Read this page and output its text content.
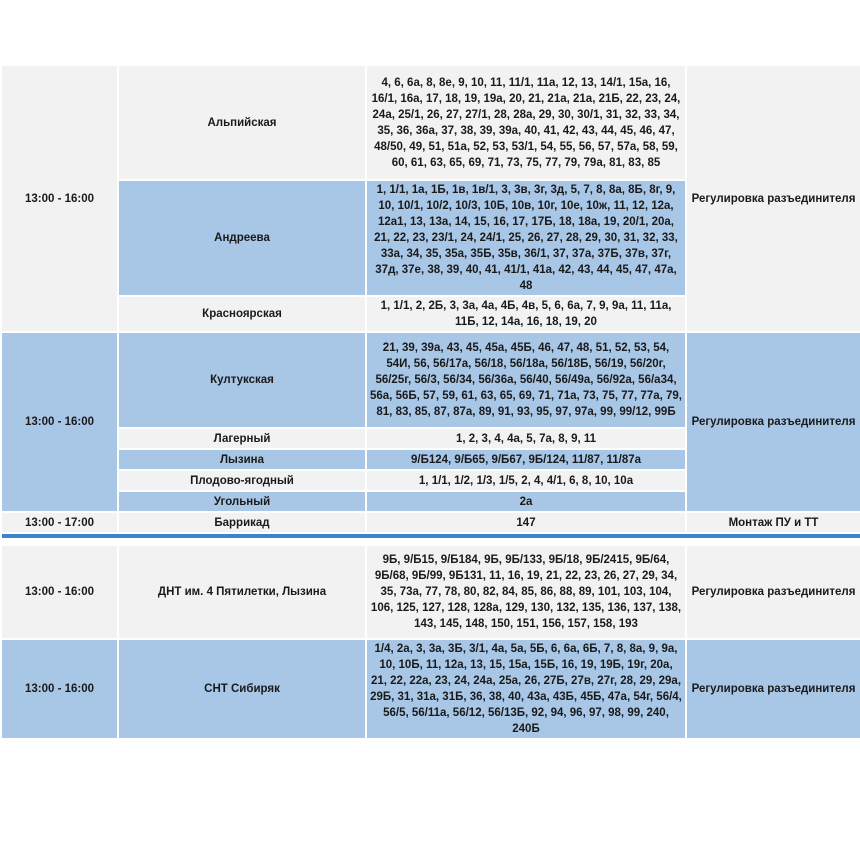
13:00 - 16:00	Альпийская	4, 6, 6а, 8, 8е, 9, 10, 11, 11/1, 11а, 12, 13, 14/1, 15а, 16, 16/1, 16а, 17, 18, 19, 19а, 20, 21, 21а, 21а, 21Б, 22, 23, 24, 24а, 25/1, 26, 27, 27/1, 28, 28а, 29, 30, 30/1, 31, 32, 33, 34, 35, 36, 36а, 37, 38, 39, 39а, 40, 41, 42, 43, 44, 45, 46, 47, 48/50, 49, 51, 51а, 52, 53, 53/1, 54, 55, 56, 57, 57а, 58, 59, 60, 61, 63, 65, 69, 71, 73, 75, 77, 79, 79а, 81, 83, 85	Регулировка разъединителя
	Андреева	1, 1/1, 1а, 1Б, 1в, 1в/1, 3, 3в, 3г, 3д, 5, 7, 8, 8а, 8Б, 8г, 9, 10, 10/1, 10/2, 10/3, 10Б, 10в, 10г, 10е, 10ж, 11, 12, 12а, 12а1, 13, 13а, 14, 15, 16, 17, 17Б, 18, 18а, 19, 20/1, 20а, 21, 22, 23, 23/1, 24, 24/1, 25, 26, 27, 28, 29, 30, 31, 32, 33, 33а, 34, 35, 35а, 35Б, 35в, 36/1, 37, 37а, 37Б, 37в, 37г, 37д, 37е, 38, 39, 40, 41, 41/1, 41а, 42, 43, 44, 45, 47, 47а, 48	
	Красноярская	1, 1/1, 2, 2Б, 3, 3а, 4а, 4Б, 4в, 5, 6, 6а, 7, 9, 9а, 11, 11а, 11Б, 12, 14а, 16, 18, 19, 20	
13:00 - 16:00	Култукская	21, 39, 39а, 43, 45, 45а, 45Б, 46, 47, 48, 51, 52, 53, 54, 54И, 56, 56/17а, 56/18, 56/18а, 56/18Б, 56/19, 56/20г, 56/25г, 56/3, 56/34, 56/36а, 56/40, 56/49а, 56/92а, 56/а34, 56а, 56Б, 57, 59, 61, 63, 65, 69, 71, 71а, 73, 75, 77, 77а, 79, 81, 83, 85, 87, 87а, 89, 91, 93, 95, 97, 97а, 99, 99/12, 99Б	Регулировка разъединителя
	Лагерный	1, 2, 3, 4, 4а, 5, 7а, 8, 9, 11	
	Лызина	9/Б124, 9/Б65, 9/Б67, 9Б/124, 11/87, 11/87а	
	Плодово-ягодный	1, 1/1, 1/2, 1/3, 1/5, 2, 4, 4/1, 6, 8, 10, 10а	
	Угольный	2а	
13:00 - 17:00	Баррикад	147	Монтаж ПУ и ТТ

13:00 - 16:00	ДНТ им. 4 Пятилетки, Лызина	9Б, 9/Б15, 9/Б184, 9Б, 9Б/133, 9Б/18, 9Б/2415, 9Б/64, 9Б/68, 9Б/99, 9Б131, 11, 16, 19, 21, 22, 23, 26, 27, 29, 34, 35, 73а, 77, 78, 80, 82, 84, 85, 86, 88, 89, 101, 103, 104, 106, 125, 127, 128, 128а, 129, 130, 132, 135, 136, 137, 138, 143, 145, 148, 150, 151, 156, 157, 158, 193	Регулировка разъединителя
13:00 - 16:00	СНТ Сибиряк	1/4, 2а, 3, 3а, 3Б, 3/1, 4а, 5а, 5Б, 6, 6а, 6Б, 7, 8, 8а, 9, 9а, 10, 10Б, 11, 12а, 13, 15, 15а, 15Б, 16, 19, 19Б, 19г, 20а, 21, 22, 22а, 23, 24, 24а, 25а, 26, 27Б, 27в, 27г, 28, 29, 29а, 29Б, 31, 31а, 31Б, 36, 38, 40, 43а, 43Б, 45Б, 47а, 54г, 56/4, 56/5, 56/11а, 56/12, 56/13Б, 92, 94, 96, 97, 98, 99, 240, 240Б	Регулировка разъединителя
